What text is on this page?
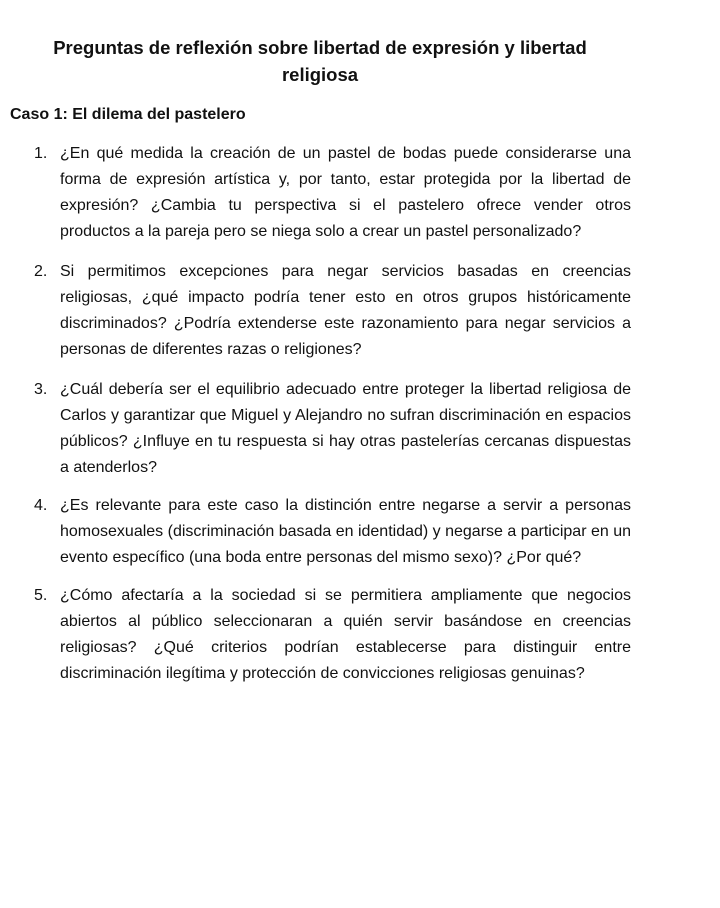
Preguntas de reflexión sobre libertad de expresión y libertad religiosa
Caso 1: El dilema del pastelero
1. ¿En qué medida la creación de un pastel de bodas puede considerarse una forma de expresión artística y, por tanto, estar protegida por la libertad de expresión? ¿Cambia tu perspectiva si el pastelero ofrece vender otros productos a la pareja pero se niega solo a crear un pastel personalizado?
2. Si permitimos excepciones para negar servicios basadas en creencias religiosas, ¿qué impacto podría tener esto en otros grupos históricamente discriminados? ¿Podría extenderse este razonamiento para negar servicios a personas de diferentes razas o religiones?
3. ¿Cuál debería ser el equilibrio adecuado entre proteger la libertad religiosa de Carlos y garantizar que Miguel y Alejandro no sufran discriminación en espacios públicos? ¿Influye en tu respuesta si hay otras pastelerías cercanas dispuestas a atenderlos?
4. ¿Es relevante para este caso la distinción entre negarse a servir a personas homosexuales (discriminación basada en identidad) y negarse a participar en un evento específico (una boda entre personas del mismo sexo)? ¿Por qué?
5. ¿Cómo afectaría a la sociedad si se permitiera ampliamente que negocios abiertos al público seleccionaran a quién servir basándose en creencias religiosas? ¿Qué criterios podrían establecerse para distinguir entre discriminación ilegítima y protección de convicciones religiosas genuinas?
